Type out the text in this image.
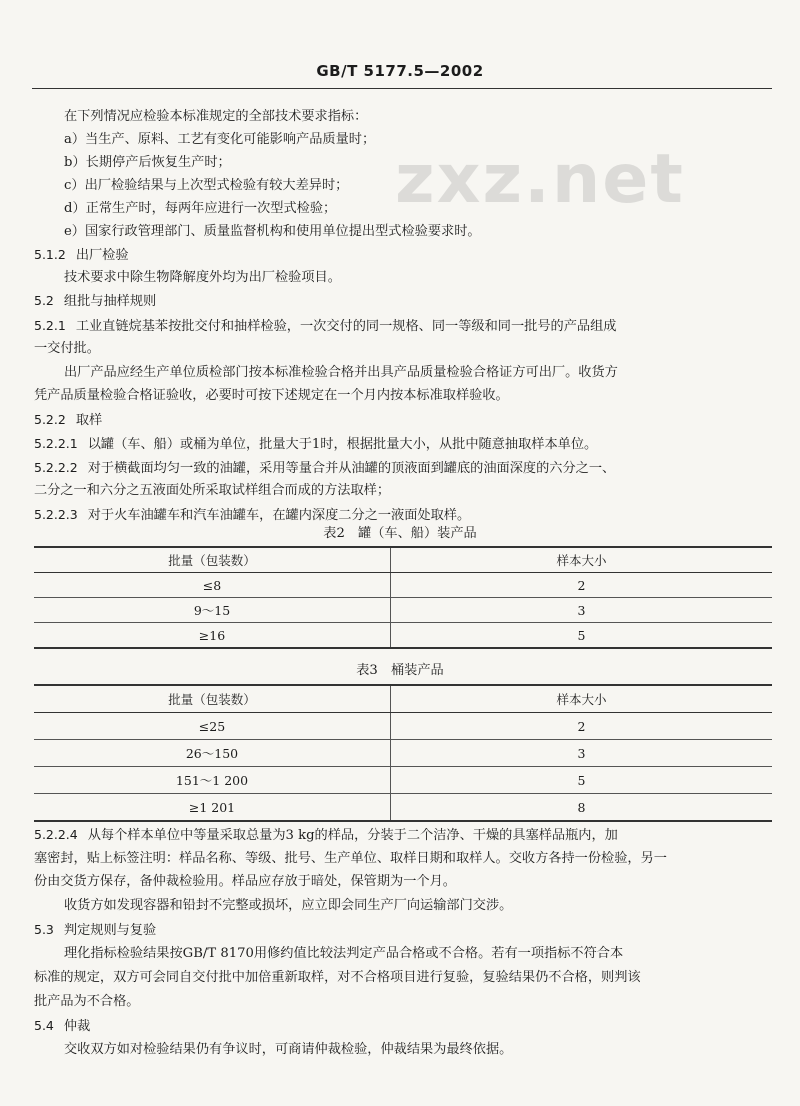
GB/T 5177.5—2002
zxz.net
在下列情况应检验本标准规定的全部技术要求指标：
a）当生产、原料、工艺有变化可能影响产品质量时；
b）长期停产后恢复生产时；
c）出厂检验结果与上次型式检验有较大差异时；
d）正常生产时，每两年应进行一次型式检验；
e）国家行政管理部门、质量监督机构和使用单位提出型式检验要求时。
5.1.2 出厂检验
技术要求中除生物降解度外均为出厂检验项目。
5.2 组批与抽样规则
5.2.1 工业直链烷基苯按批交付和抽样检验，一次交付的同一规格、同一等级和同一批号的产品组成
一交付批。
出厂产品应经生产单位质检部门按本标准检验合格并出具产品质量检验合格证方可出厂。收货方
凭产品质量检验合格证验收，必要时可按下述规定在一个月内按本标准取样验收。
5.2.2 取样
5.2.2.1 以罐（车、船）或桶为单位，批量大于1时，根据批量大小，从批中随意抽取样本单位。
5.2.2.2 对于横截面均匀一致的油罐，采用等量合并从油罐的顶液面到罐底的油面深度的六分之一、
二分之一和六分之五液面处所采取试样组合而成的方法取样；
5.2.2.3 对于火车油罐车和汽车油罐车，在罐内深度二分之一液面处取样。
表2　罐（车、船）装产品
批量（包装数）	样本大小
≤8	2
9～15	3
≥16	5
表3　桶装产品
批量（包装数）	样本大小
≤25	2
26～150	3
151～1 200	5
≥1 201	8
5.2.2.4 从每个样本单位中等量采取总量为3 kg的样品，分装于二个洁净、干燥的具塞样品瓶内，加
塞密封，贴上标签注明：样品名称、等级、批号、生产单位、取样日期和取样人。交收方各持一份检验，另一
份由交货方保存，备仲裁检验用。样品应存放于暗处，保管期为一个月。
收货方如发现容器和铅封不完整或损坏，应立即会同生产厂向运输部门交涉。
5.3 判定规则与复验
理化指标检验结果按GB/T 8170用修约值比较法判定产品合格或不合格。若有一项指标不符合本
标准的规定，双方可会同自交付批中加倍重新取样，对不合格项目进行复验，复验结果仍不合格，则判该
批产品为不合格。
5.4 仲裁
交收双方如对检验结果仍有争议时，可商请仲裁检验，仲裁结果为最终依据。
